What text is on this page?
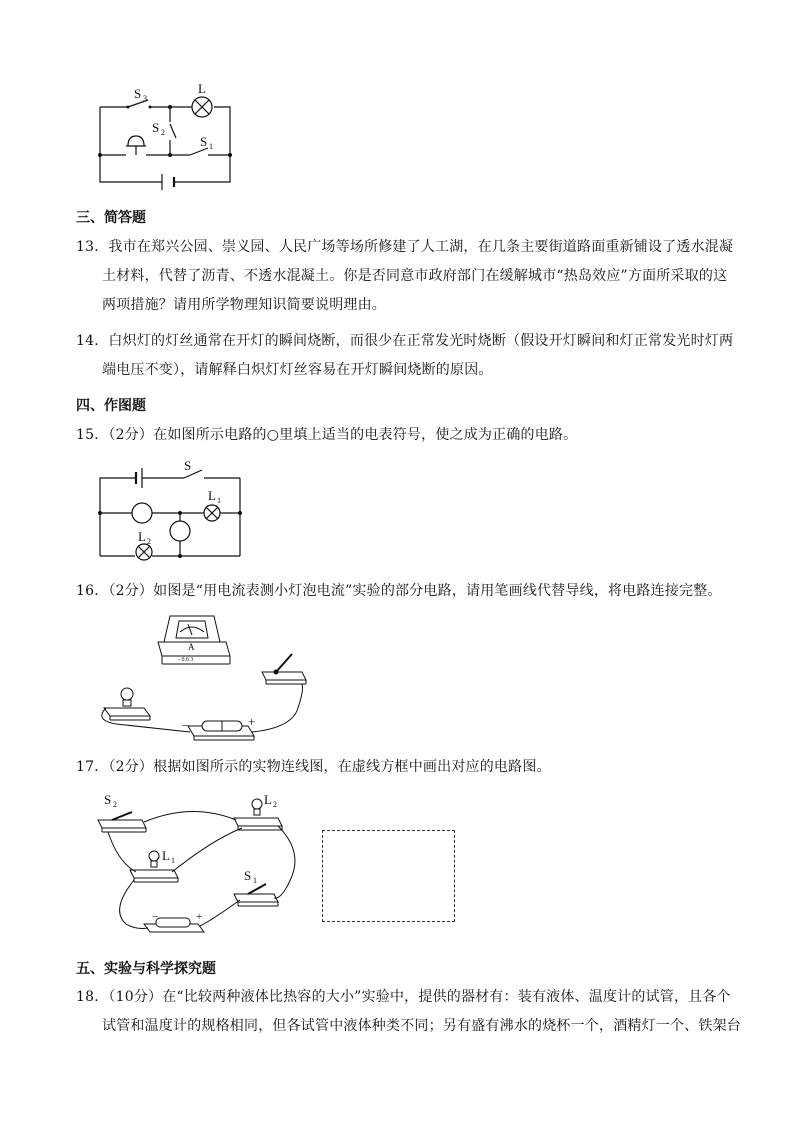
S 3
L
S 2
S 1
三、简答题
13．我市在郑兴公园、崇义园、人民广场等场所修建了人工湖，在几条主要街道路面重新铺设了透水混凝
土材料，代替了沥青、不透水混凝土。你是否同意市政府部门在缓解城市“热岛效应”方面所采取的这
两项措施？请用所学物理知识简要说明理由。
14．白炽灯的灯丝通常在开灯的瞬间烧断，而很少在正常发光时烧断（假设开灯瞬间和灯正常发光时灯两
端电压不变），请解释白炽灯灯丝容易在开灯瞬间烧断的原因。
四、作图题
15．（2分）在如图所示电路的○里填上适当的电表符号，使之成为正确的电路。
S
L 1
L 2
16．（2分）如图是“用电流表测小灯泡电流”实验的部分电路，请用笔画线代替导线，将电路连接完整。
A
- 0.6 3
−	+
17．（2分）根据如图所示的实物连线图，在虚线方框中画出对应的电路图。
S 2	L 2
L 1
S 1
−	+
五、实验与科学探究题
18．（10分）在“比较两种液体比热容的大小”实验中，提供的器材有：装有液体、温度计的试管，且各个
试管和温度计的规格相同，但各试管中液体种类不同；另有盛有沸水的烧杯一个，酒精灯一个、铁架台
